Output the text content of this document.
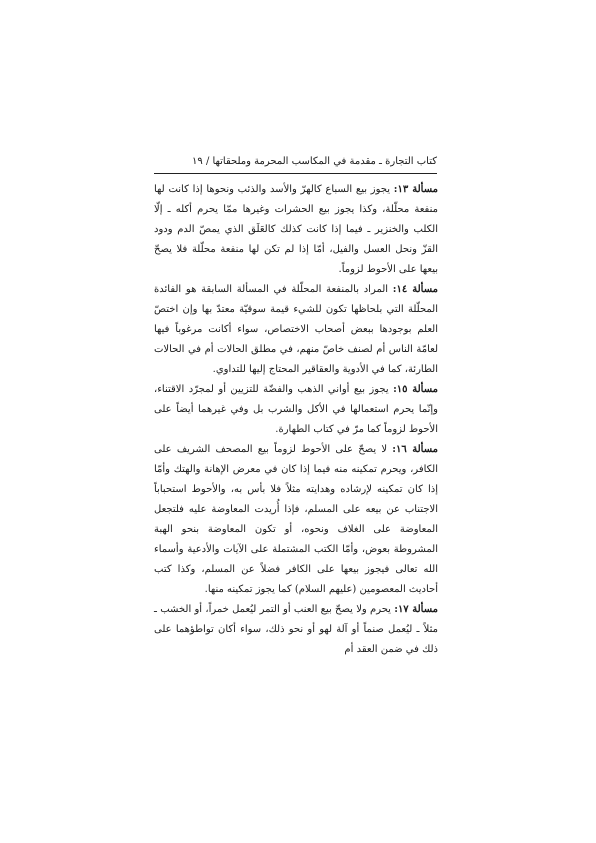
كتاب التجارة ـ مقدمة في المكاسب المحرمة وملحقاتها / ١٩

مسألة ١٣: يجوز بيع السباع كالهرّ والأسد والذئب ونحوها إذا كانت لها منفعة محلّلة، وكذا يجوز بيع الحشرات وغيرها ممّا يحرم أكله ـ إلّا الكلب والخنزير ـ فيما إذا كانت كذلك كالعَلَق الذي يمصّ الدم ودود القزّ ونحل العسل والفيل، أمّا إذا لم تكن لها منفعة محلّلة فلا يصحّ بيعها على الأحوط لزوماً.

مسألة ١٤: المراد بالمنفعة المحلّلة في المسألة السابقة هو الفائدة المحلّلة التي بلحاظها تكون للشيء قيمة سوقيّة معتدّ بها وإن اختصّ العلم بوجودها ببعض أصحاب الاختصاص، سواء أكانت مرغوباً فيها لعامّة الناس أم لصنف خاصّ منهم، في مطلق الحالات أم في الحالات الطارئة، كما في الأدوية والعقاقير المحتاج إليها للتداوي.

مسألة ١٥: يجوز بيع أواني الذهب والفضّة للتزيين أو لمجرّد الاقتناء، وإنّما يحرم استعمالها في الأكل والشرب بل وفي غيرهما أيضاً على الأحوط لزوماً كما مرّ في كتاب الطهارة.

مسألة ١٦: لا يصحّ على الأحوط لزوماً بيع المصحف الشريف على الكافر، ويحرم تمكينه منه فيما إذا كان في معرض الإهانة والهتك وأمّا إذا كان تمكينه لإرشاده وهدايته مثلاً فلا بأس به، والأحوط استحباباً الاجتناب عن بيعه على المسلم، فإذا أُريدت المعاوضة عليه فلتجعل المعاوضة على الغلاف ونحوه، أو تكون المعاوضة بنحو الهبة المشروطة بعوض، وأمّا الكتب المشتملة على الآيات والأدعية وأسماء الله تعالى فيجوز بيعها على الكافر فضلاً عن المسلم، وكذا كتب أحاديث المعصومين (عليهم السلام) كما يجوز تمكينه منها.

مسألة ١٧: يحرم ولا يصحّ بيع العنب أو التمر ليُعمل خمراً، أو الخشب ـ مثلاً ـ ليُعمل صنماً أو آلة لهو أو نحو ذلك، سواء أكان تواطؤهما على ذلك في ضمن العقد أم
